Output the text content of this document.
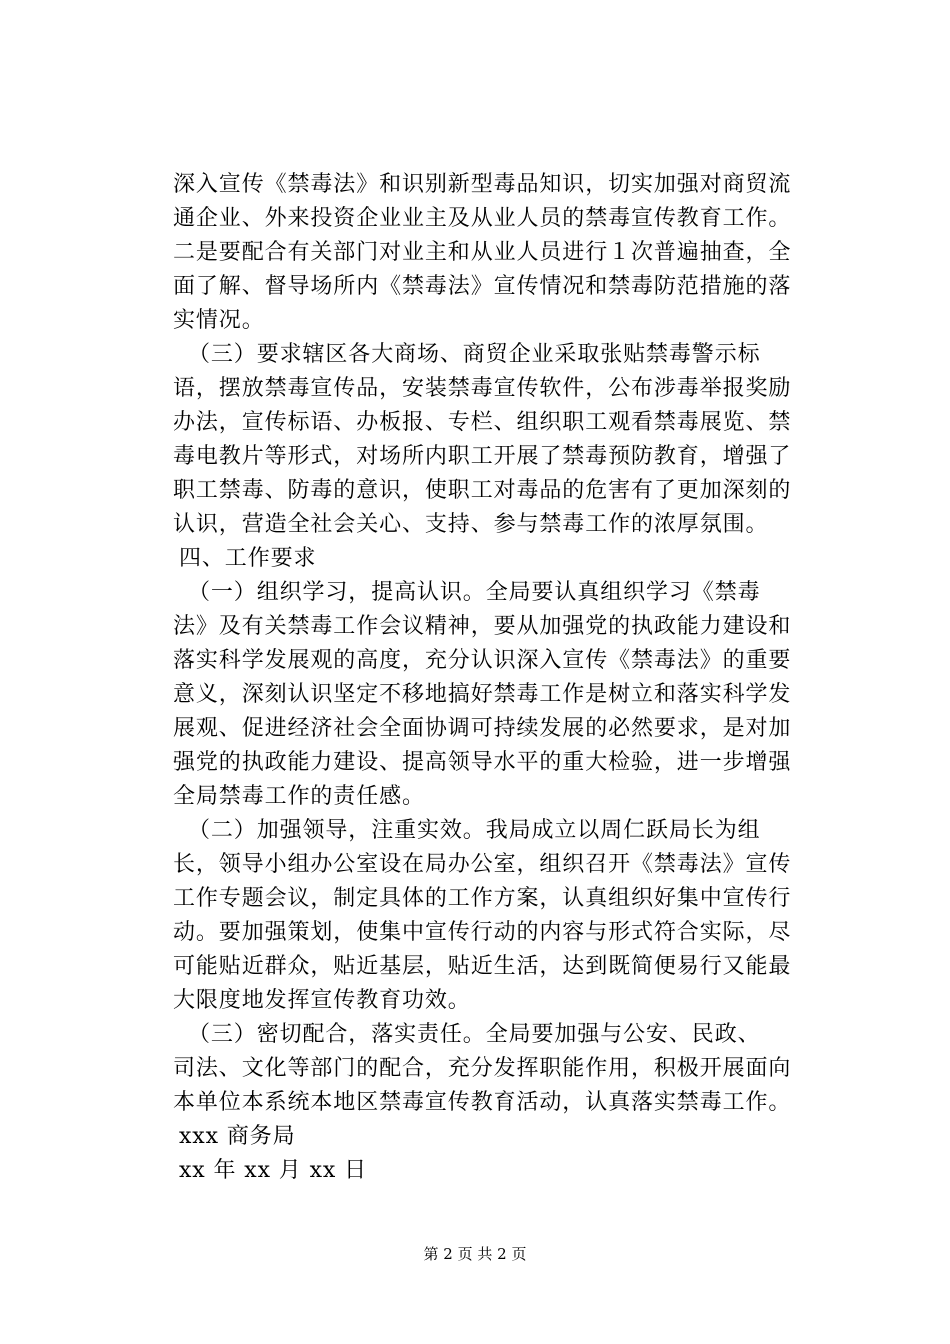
深入宣传《禁毒法》和识别新型毒品知识，切实加强对商贸流
通企业、外来投资企业业主及从业人员的禁毒宣传教育工作。
二是要配合有关部门对业主和从业人员进行１次普遍抽查，全
面了解、督导场所内《禁毒法》宣传情况和禁毒防范措施的落
实情况。
（三）要求辖区各大商场、商贸企业采取张贴禁毒警示标
语，摆放禁毒宣传品，安装禁毒宣传软件，公布涉毒举报奖励
办法，宣传标语、办板报、专栏、组织职工观看禁毒展览、禁
毒电教片等形式，对场所内职工开展了禁毒预防教育，增强了
职工禁毒、防毒的意识，使职工对毒品的危害有了更加深刻的
认识，营造全社会关心、支持、参与禁毒工作的浓厚氛围。
四、工作要求
（一）组织学习，提高认识。全局要认真组织学习《禁毒
法》及有关禁毒工作会议精神，要从加强党的执政能力建设和
落实科学发展观的高度，充分认识深入宣传《禁毒法》的重要
意义，深刻认识坚定不移地搞好禁毒工作是树立和落实科学发
展观、促进经济社会全面协调可持续发展的必然要求，是对加
强党的执政能力建设、提高领导水平的重大检验，进一步增强
全局禁毒工作的责任感。
（二）加强领导，注重实效。我局成立以周仁跃局长为组
长，领导小组办公室设在局办公室，组织召开《禁毒法》宣传
工作专题会议，制定具体的工作方案，认真组织好集中宣传行
动。要加强策划，使集中宣传行动的内容与形式符合实际，尽
可能贴近群众，贴近基层，贴近生活，达到既简便易行又能最
大限度地发挥宣传教育功效。
（三）密切配合，落实责任。全局要加强与公安、民政、
司法、文化等部门的配合，充分发挥职能作用，积极开展面向
本单位本系统本地区禁毒宣传教育活动，认真落实禁毒工作。
xxx 商务局
xx 年 xx 月 xx 日
第 2 页 共 2 页
